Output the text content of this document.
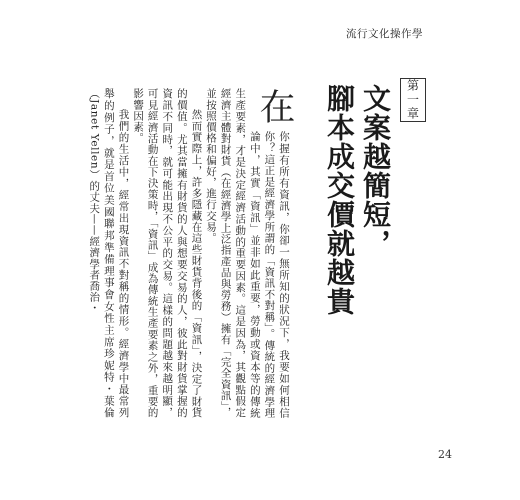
流行文化操作學
第一章
文案越簡短，
腳本成交價就越貴

在
你握有所有資訊，你卻一無所知的狀況下，我要如何相信你？這正是經濟學所謂的「資訊不對稱」。傳統的經濟學理論中，其實「資訊」並非如此重要，勞動或資本等的傳統生產要素，才是決定經濟活動的重要因素。這是因為，其觀點假定經濟主體對財貨（在經濟學上泛指產品與勞務）擁有「完全資訊」，並按照價格和偏好，進行交易。

然而實際上，許多隱藏在這些財貨背後的「資訊」，決定了財貨的價值。尤其當擁有財貨的人與想要交易的人，彼此對財貨掌握的資訊不同時，就可能出現不公平的交易。這樣的問題越來越明顯，可見經濟活動在下決策時，「資訊」成為傳統生產要素之外，重要的影響因素。

我們的生活中，經常出現資訊不對稱的情形。經濟學中最常列舉的例子，就是首位美國聯邦準備理事會女性主席珍妮特・葉倫（Janet Yellen）的丈夫——經濟學者喬治・

24
